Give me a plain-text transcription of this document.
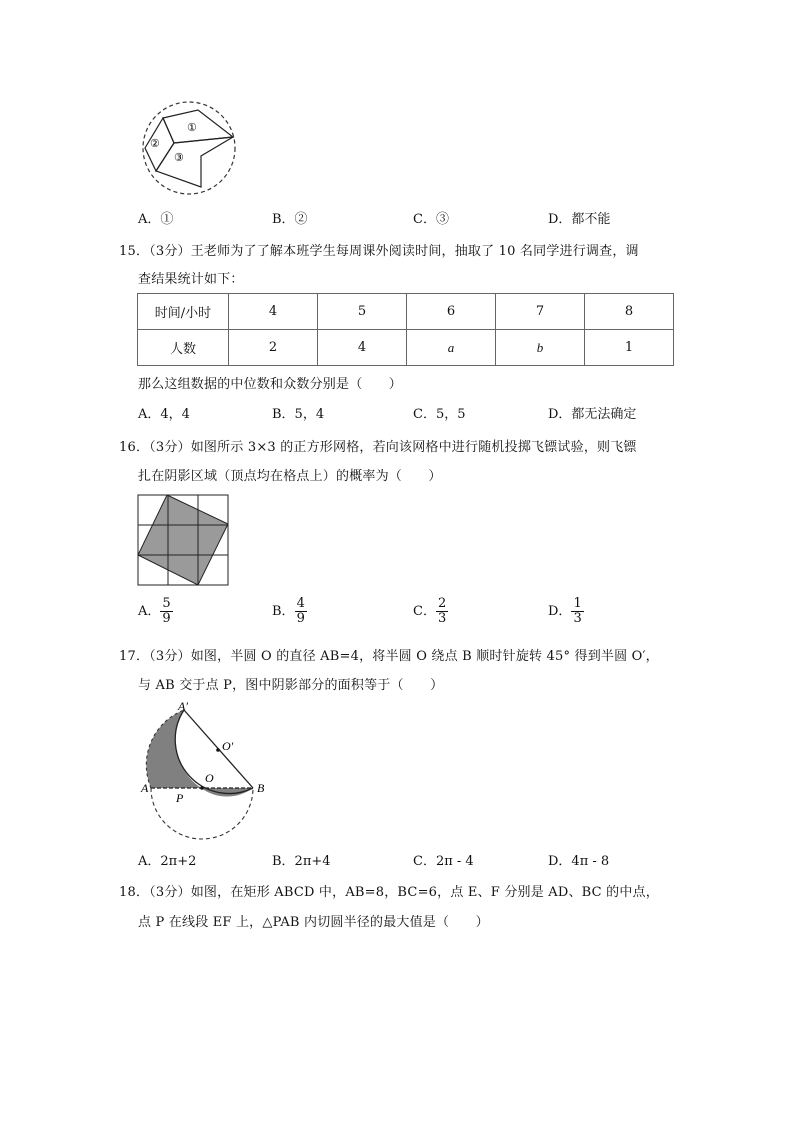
①
②
③
A．①	B．②	C．③	D．都不能
15．（3分）王老师为了了解本班学生每周课外阅读时间，抽取了 10 名同学进行调查，调
查结果统计如下：
时间/小时	4	5	6	7	8
人数	2	4	a	b	1
那么这组数据的中位数和众数分别是（　　）
A．4，4	B．5，4	C．5，5	D．都无法确定
16．（3分）如图所示 3×3 的正方形网格，若向该网格中进行随机投掷飞镖试验，则飞镖
扎在阴影区域（顶点均在格点上）的概率为（　　）
A． $\frac{5}{9}$	B． $\frac{4}{9}$	C． $\frac{2}{3}$	D． $\frac{1}{3}$
17．（3分）如图，半圆 O 的直径 AB=4，将半圆 O 绕点 B 顺时针旋转 45° 得到半圆 O′，
与 AB 交于点 P，图中阴影部分的面积等于（　　）
A′
O′
O
A
P
B
A．2π+2	B．2π+4	C．2π - 4	D．4π - 8
18．（3分）如图，在矩形 ABCD 中，AB=8，BC=6，点 E、F 分别是 AD、BC 的中点，
点 P 在线段 EF 上，△PAB 内切圆半径的最大值是（　　）
